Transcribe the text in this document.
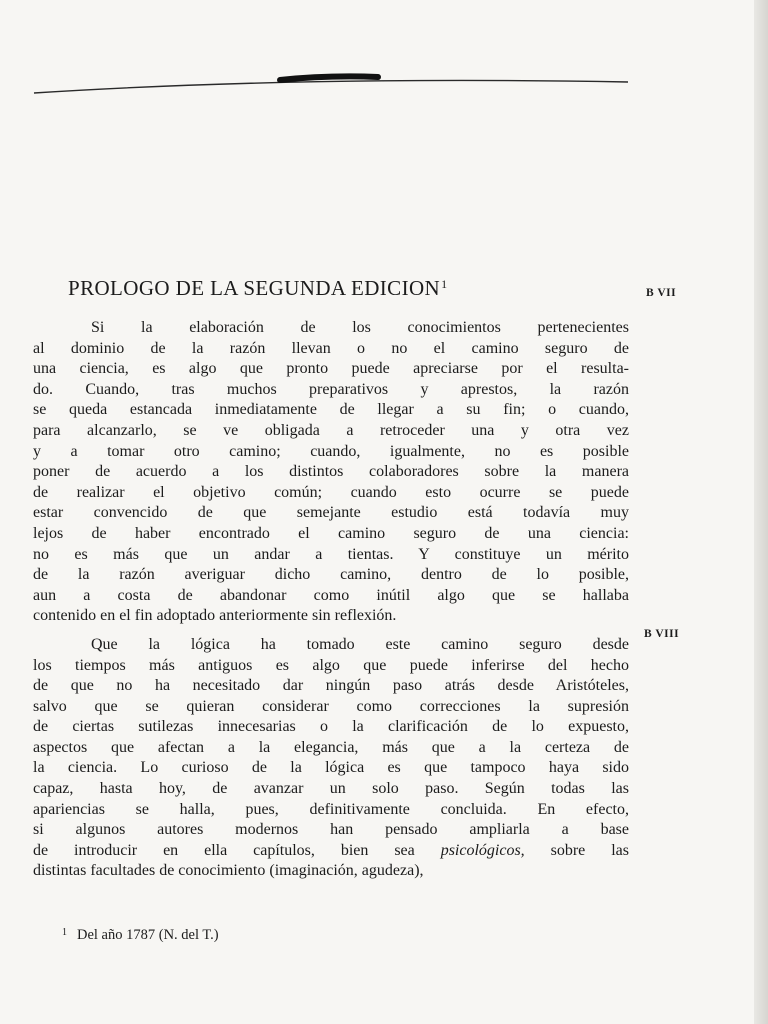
PROLOGO DE LA SEGUNDA EDICION$^1$
B VII
B VIII

Si la elaboración de los conocimientos pertenecientes
al dominio de la razón llevan o no el camino seguro de
una ciencia, es algo que pronto puede apreciarse por el resulta-
do. Cuando, tras muchos preparativos y aprestos, la razón
se queda estancada inmediatamente de llegar a su fin; o cuando,
para alcanzarlo, se ve obligada a retroceder una y otra vez
y a tomar otro camino; cuando, igualmente, no es posible
poner de acuerdo a los distintos colaboradores sobre la manera
de realizar el objetivo común; cuando esto ocurre se puede
estar convencido de que semejante estudio está todavía muy
lejos de haber encontrado el camino seguro de una ciencia:
no es más que un andar a tientas. Y constituye un mérito
de la razón averiguar dicho camino, dentro de lo posible,
aun a costa de abandonar como inútil algo que se hallaba
contenido en el fin adoptado anteriormente sin reflexión.

Que la lógica ha tomado este camino seguro desde
los tiempos más antiguos es algo que puede inferirse del hecho
de que no ha necesitado dar ningún paso atrás desde Aristóteles,
salvo que se quieran considerar como correcciones la supresión
de ciertas sutilezas innecesarias o la clarificación de lo expuesto,
aspectos que afectan a la elegancia, más que a la certeza de
la ciencia. Lo curioso de la lógica es que tampoco haya sido
capaz, hasta hoy, de avanzar un solo paso. Según todas las
apariencias se halla, pues, definitivamente concluida. En efecto,
si algunos autores modernos han pensado ampliarla a base
de introducir en ella capítulos, bien sea psicológicos, sobre las
distintas facultades de conocimiento (imaginación, agudeza),

$^1$ Del año 1787 (N. del T.)
